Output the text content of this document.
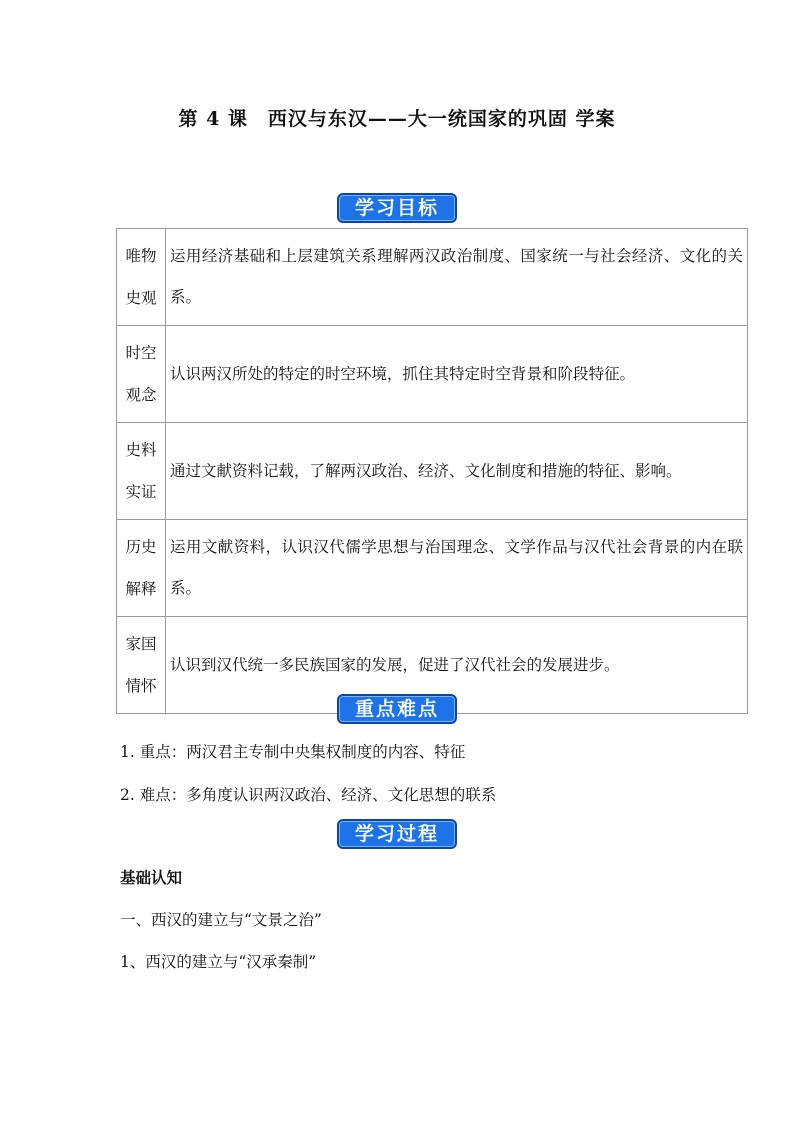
第 4 课　西汉与东汉——大一统国家的巩固 学案
学习目标
唯物史观	运用经济基础和上层建筑关系理解两汉政治制度、国家统一与社会经济、文化的关系。
时空观念	认识两汉所处的特定的时空环境，抓住其特定时空背景和阶段特征。
史料实证	通过文献资料记载，了解两汉政治、经济、文化制度和措施的特征、影响。
历史解释	运用文献资料，认识汉代儒学思想与治国理念、文学作品与汉代社会背景的内在联系。
家国情怀	认识到汉代统一多民族国家的发展，促进了汉代社会的发展进步。
重点难点
1. 重点：两汉君主专制中央集权制度的内容、特征
2. 难点：多角度认识两汉政治、经济、文化思想的联系
学习过程
基础认知
一、西汉的建立与“文景之治”
1、西汉的建立与“汉承秦制”
